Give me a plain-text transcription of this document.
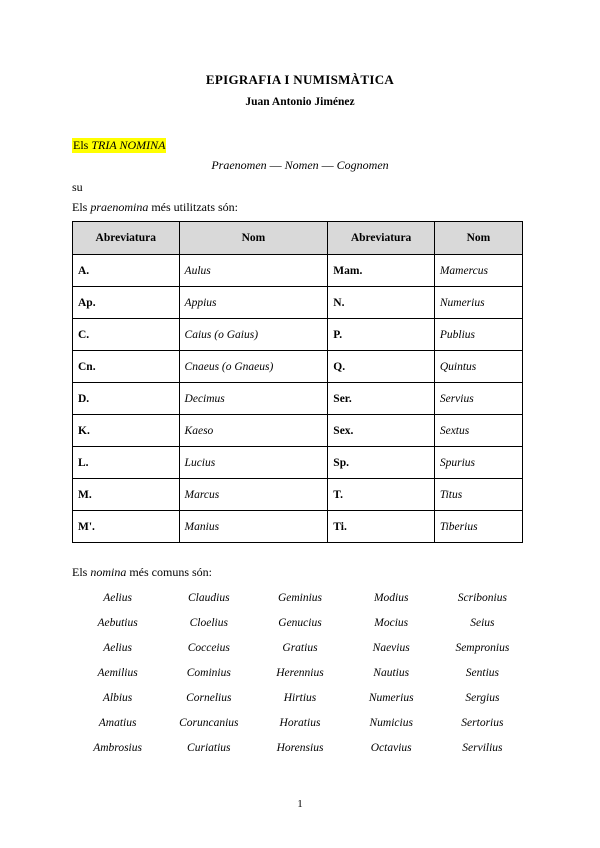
EPIGRAFIA I NUMISMÀTICA
Juan Antonio Jiménez
Els TRIA NOMINA
Praenomen — Nomen — Cognomen
su
Els praenomina més utilitzats són:
Abreviatura	Nom	Abreviatura	Nom
A.	Aulus	Mam.	Mamercus
Ap.	Appius	N.	Numerius
C.	Caius (o Gaius)	P.	Publius
Cn.	Cnaeus (o Gnaeus)	Q.	Quintus
D.	Decimus	Ser.	Servius
K.	Kaeso	Sex.	Sextus
L.	Lucius	Sp.	Spurius
M.	Marcus	T.	Titus
M'.	Manius	Ti.	Tiberius
Els nomina més comuns són:
Aelius	Claudius	Geminius	Modius	Scribonius
Aebutius	Cloelius	Genucius	Mocius	Seius
Aelius	Cocceius	Gratius	Naevius	Sempronius
Aemilius	Cominius	Herennius	Nautius	Sentius
Albius	Cornelius	Hirtius	Numerius	Sergius
Amatius	Coruncanius	Horatius	Numicius	Sertorius
Ambrosius	Curiatius	Horensius	Octavius	Servilius
1
